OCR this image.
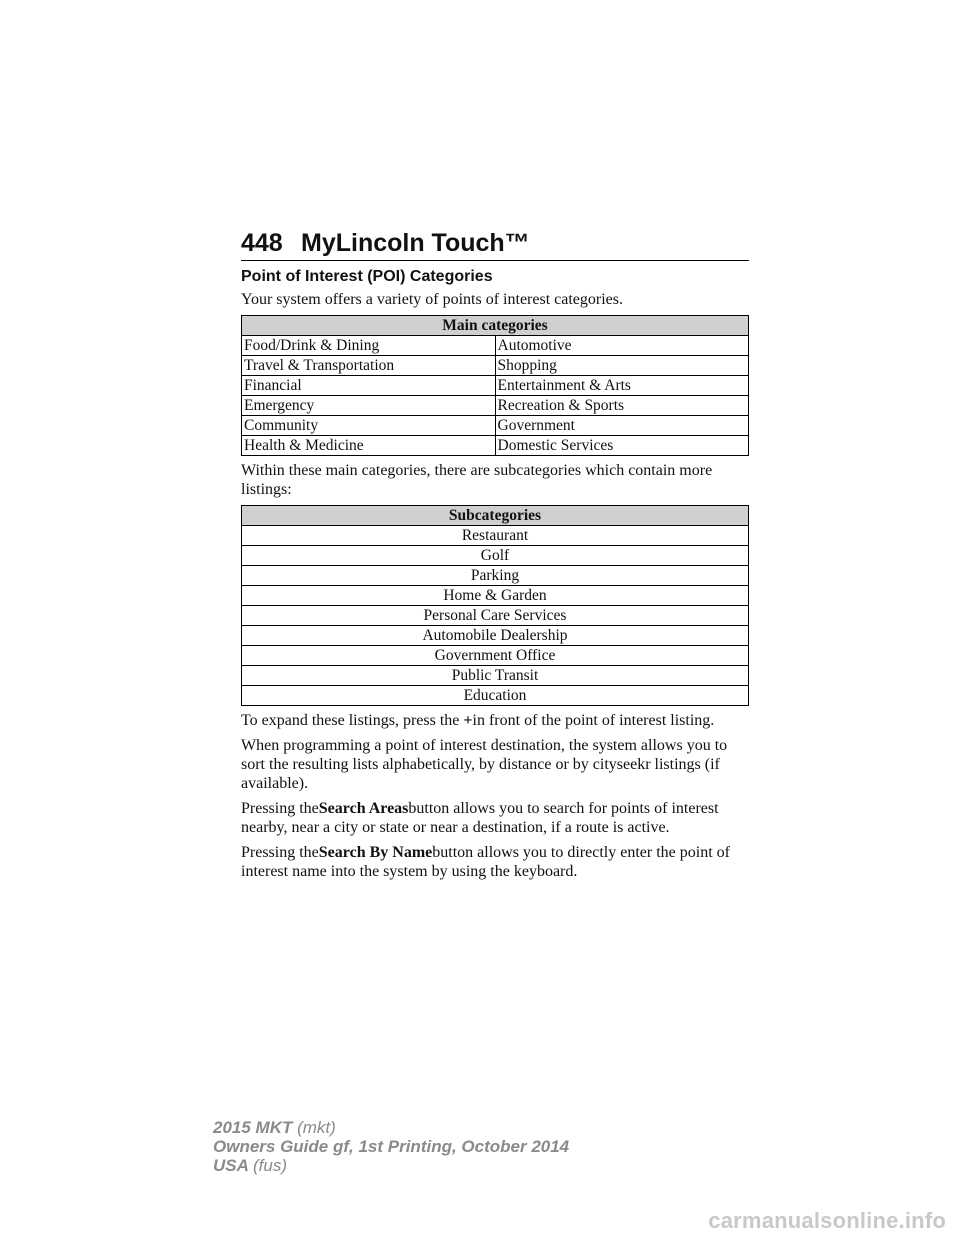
448 MyLincoln Touch™
Point of Interest (POI) Categories

Your system offers a variety of points of interest categories.

Main categories	
Food/Drink & Dining	Automotive
Travel & Transportation	Shopping
Financial	Entertainment & Arts
Emergency	Recreation & Sports
Community	Government
Health & Medicine	Domestic Services

Within these main categories, there are subcategories which contain more listings:

Subcategories
Restaurant
Golf
Parking
Home & Garden
Personal Care Services
Automobile Dealership
Government Office
Public Transit
Education

To expand these listings, press the +in front of the point of interest listing.

When programming a point of interest destination, the system allows you to sort the resulting lists alphabetically, by distance or by cityseekr listings (if available).

Pressing theSearch Areasbutton allows you to search for points of interest nearby, near a city or state or near a destination, if a route is active.

Pressing theSearch By Namebutton allows you to directly enter the point of interest name into the system by using the keyboard.

2015 MKT (mkt)
Owners Guide gf, 1st Printing, October 2014
USA (fus)
carmanualsonline.info
